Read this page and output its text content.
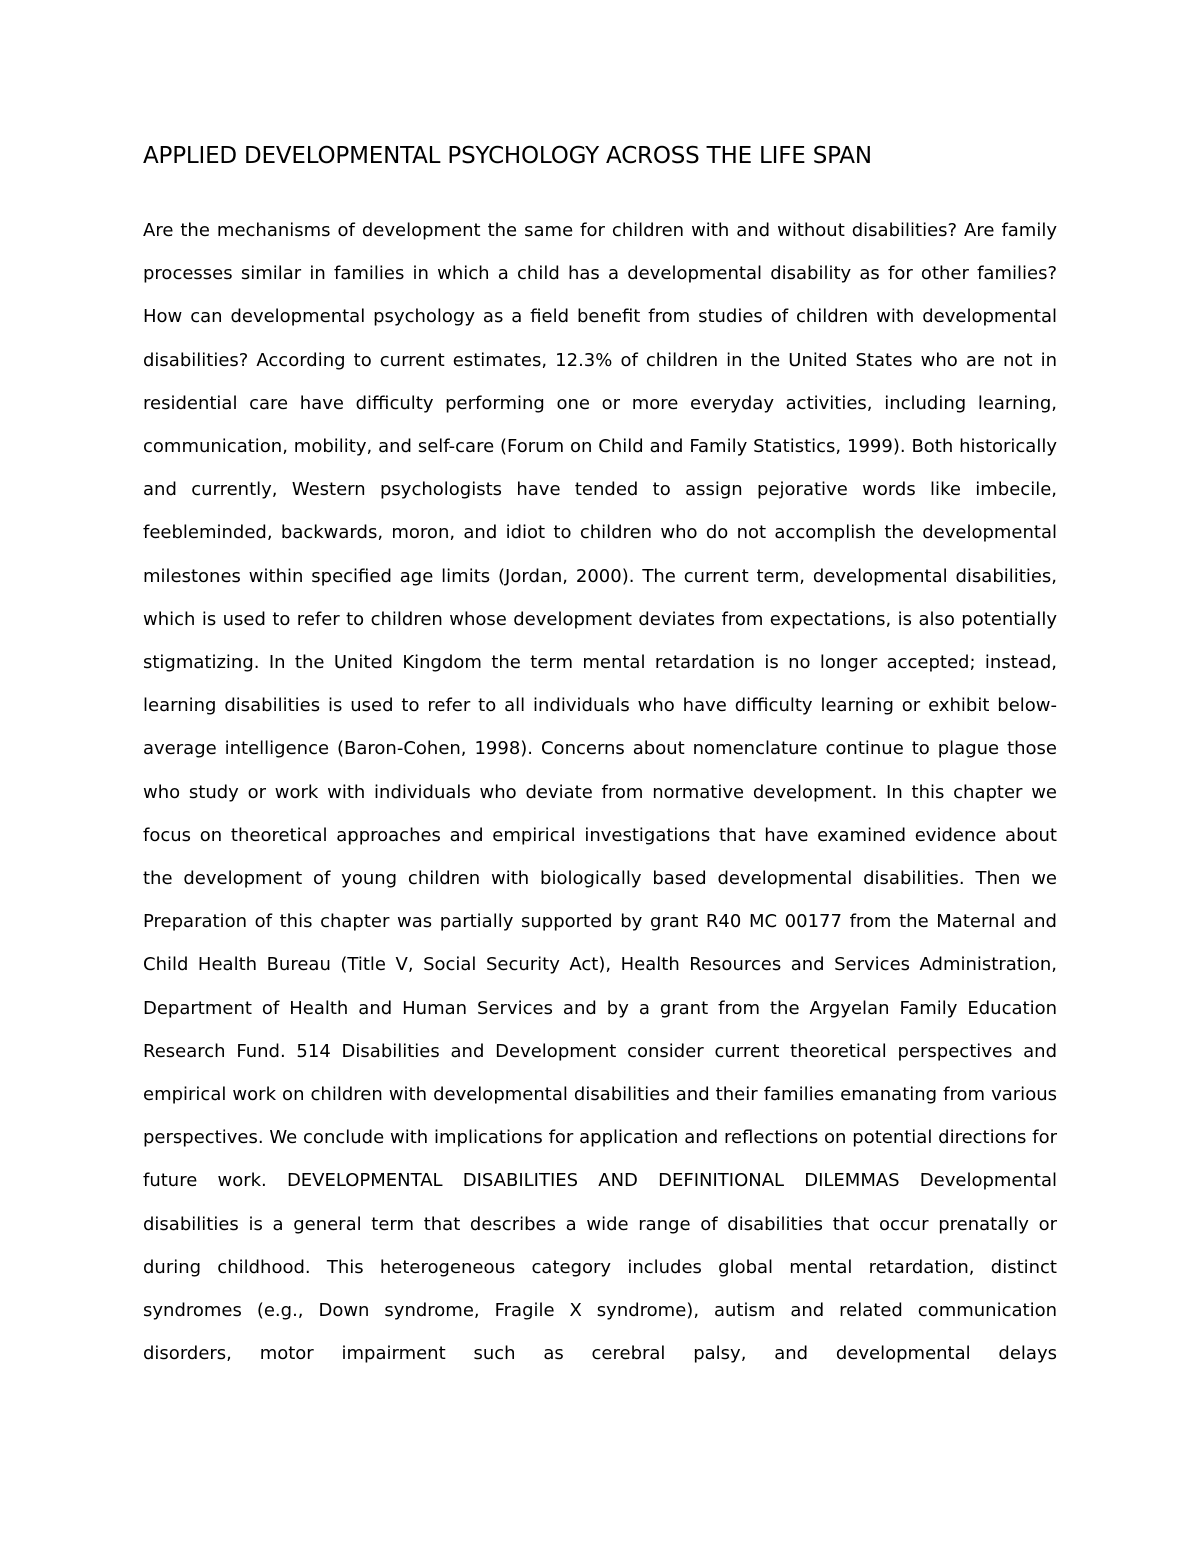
APPLIED DEVELOPMENTAL PSYCHOLOGY ACROSS THE LIFE SPAN

Are the mechanisms of development the same for children with and without disabilities? Are family processes similar in families in which a child has a developmental disability as for other families? How can developmental psychology as a field benefit from studies of children with developmental disabilities? According to current estimates, 12.3% of children in the United States who are not in residential care have difficulty performing one or more everyday activities, including learning, communication, mobility, and self-care (Forum on Child and Family Statistics, 1999). Both historically and currently, Western psychologists have tended to assign pejorative words like imbecile, feebleminded, backwards, moron, and idiot to children who do not accomplish the developmental milestones within specified age limits (Jordan, 2000). The current term, developmental disabilities, which is used to refer to children whose development deviates from expectations, is also potentially stigmatizing. In the United Kingdom the term mental retardation is no longer accepted; instead, learning disabilities is used to refer to all individuals who have difficulty learning or exhibit below-average intelligence (Baron-Cohen, 1998). Concerns about nomenclature continue to plague those who study or work with individuals who deviate from normative development. In this chapter we focus on theoretical approaches and empirical investigations that have examined evidence about the development of young children with biologically based developmental disabilities. Then we Preparation of this chapter was partially supported by grant R40 MC 00177 from the Maternal and Child Health Bureau (Title V, Social Security Act), Health Resources and Services Administration, Department of Health and Human Services and by a grant from the Argyelan Family Education Research Fund. 514 Disabilities and Development consider current theoretical perspectives and empirical work on children with developmental disabilities and their families emanating from various perspectives. We conclude with implications for application and reflections on potential directions for future work. DEVELOPMENTAL DISABILITIES AND DEFINITIONAL DILEMMAS Developmental disabilities is a general term that describes a wide range of disabilities that occur prenatally or during childhood. This heterogeneous category includes global mental retardation, distinct syndromes (e.g., Down syndrome, Fragile X syndrome), autism and related communication disorders, motor impairment such as cerebral palsy, and developmental delays
